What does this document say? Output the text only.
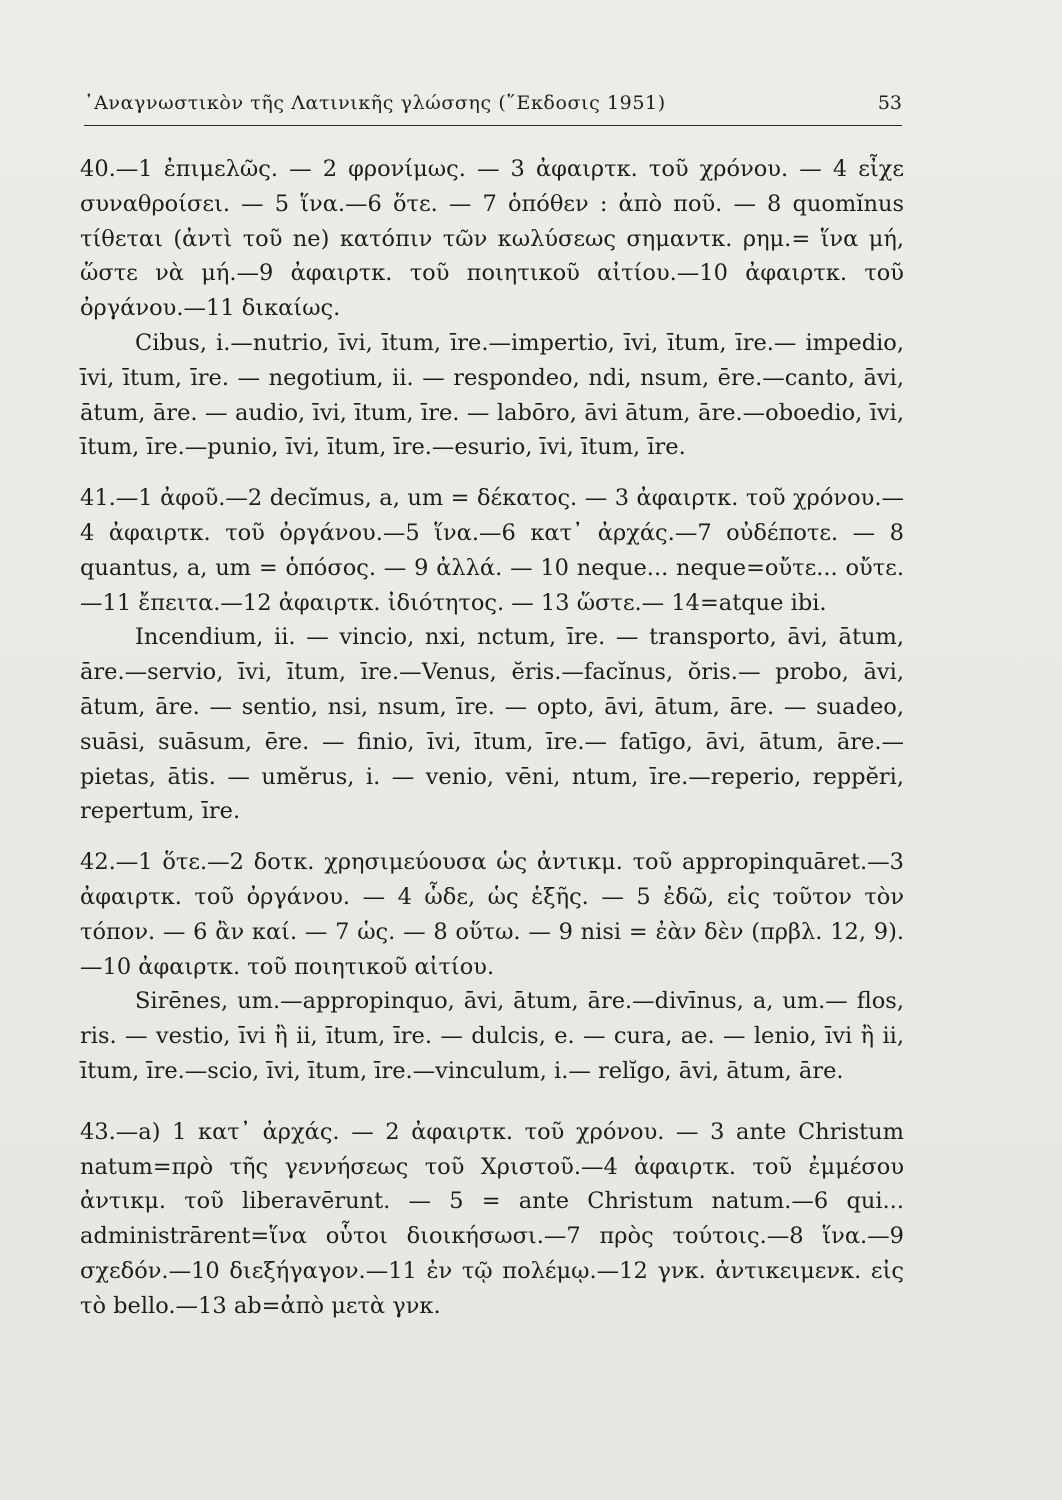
᾿Αναγνωστικὸν τῆς Λατινικῆς γλώσσης (῞Εκδοσις 1951)	53

40.—1 ἐπιμελῶς. — 2 φρονίμως. — 3 ἀφαιρτκ. τοῦ χρόνου. — 4 εἶχε συναθροίσει. — 5 ἵνα.—6 ὅτε. — 7 ὁπόθεν : ἀπὸ ποῦ. — 8 quomĭnus τίθεται (ἀντὶ τοῦ ne) κατόπιν τῶν κωλύσεως σημαντκ. ρημ.= ἵνα μή, ὥστε νὰ μή.—9 ἀφαιρτκ. τοῦ ποιητικοῦ αἰτίου.—10 ἀφαιρτκ. τοῦ ὀργάνου.—11 δικαίως.

Cibus, i.—nutrio, īvi, ītum, īre.—impertio, īvi, ītum, īre.— impedio, īvi, ītum, īre. — negotium, ii. — respondeo, ndi, nsum, ēre.—canto, āvi, ātum, āre. — audio, īvi, ītum, īre. — labōro, āvi ātum, āre.—oboedio, īvi, ītum, īre.—punio, īvi, ītum, īre.—esurio, īvi, ītum, īre.

41.—1 ἀφοῦ.—2 decĭmus, a, um = δέκατος. — 3 ἀφαιρτκ. τοῦ χρόνου.—4 ἀφαιρτκ. τοῦ ὀργάνου.—5 ἵνα.—6 κατ᾽ ἀρχάς.—7 οὐδέποτε. — 8 quantus, a, um = ὁπόσος. — 9 ἀλλά. — 10 neque... neque=οὔτε... οὔτε.—11 ἔπειτα.—12 ἀφαιρτκ. ἰδιότητος. — 13 ὥστε.— 14=atque ibi.

Incendium, ii. — vincio, nxi, nctum, īre. — transporto, āvi, ātum, āre.—servio, īvi, ītum, īre.—Venus, ĕris.—facĭnus, ŏris.— probo, āvi, ātum, āre. — sentio, nsi, nsum, īre. — opto, āvi, ātum, āre. — suadeo, suāsi, suāsum, ēre. — finio, īvi, ītum, īre.— fatīgo, āvi, ātum, āre.—pietas, ātis. — umĕrus, i. — venio, vēni, ntum, īre.—reperio, reppĕri, repertum, īre.

42.—1 ὅτε.—2 δοτκ. χρησιμεύουσα ὡς ἀντικμ. τοῦ appropinquāret.—3 ἀφαιρτκ. τοῦ ὀργάνου. — 4 ὧδε, ὡς ἑξῆς. — 5 ἐδῶ, εἰς τοῦτον τὸν τόπον. — 6 ἂν καί. — 7 ὡς. — 8 οὕτω. — 9 nisi = ἐὰν δὲν (πρβλ. 12, 9).—10 ἀφαιρτκ. τοῦ ποιητικοῦ αἰτίου.

Sirēnes, um.—appropinquo, āvi, ātum, āre.—divīnus, a, um.— flos, ris. — vestio, īvi ἢ ii, ītum, īre. — dulcis, e. — cura, ae. — lenio, īvi ἢ ii, ītum, īre.—scio, īvi, ītum, īre.—vinculum, i.— relĭgo, āvi, ātum, āre.

43.—a) 1 κατ᾽ ἀρχάς. — 2 ἀφαιρτκ. τοῦ χρόνου. — 3 ante Christum natum=πρὸ τῆς γεννήσεως τοῦ Χριστοῦ.—4 ἀφαιρτκ. τοῦ ἐμμέσου ἀντικμ. τοῦ liberavērunt. — 5 = ante Christum natum.—6 qui... administrārent=ἵνα οὗτοι διοικήσωσι.—7 πρὸς τούτοις.—8 ἵνα.—9 σχεδόν.—10 διεξήγαγον.—11 ἐν τῷ πολέμῳ.—12 γνκ. ἀντικειμενκ. εἰς τὸ bello.—13 ab=ἀπὸ μετὰ γνκ.
